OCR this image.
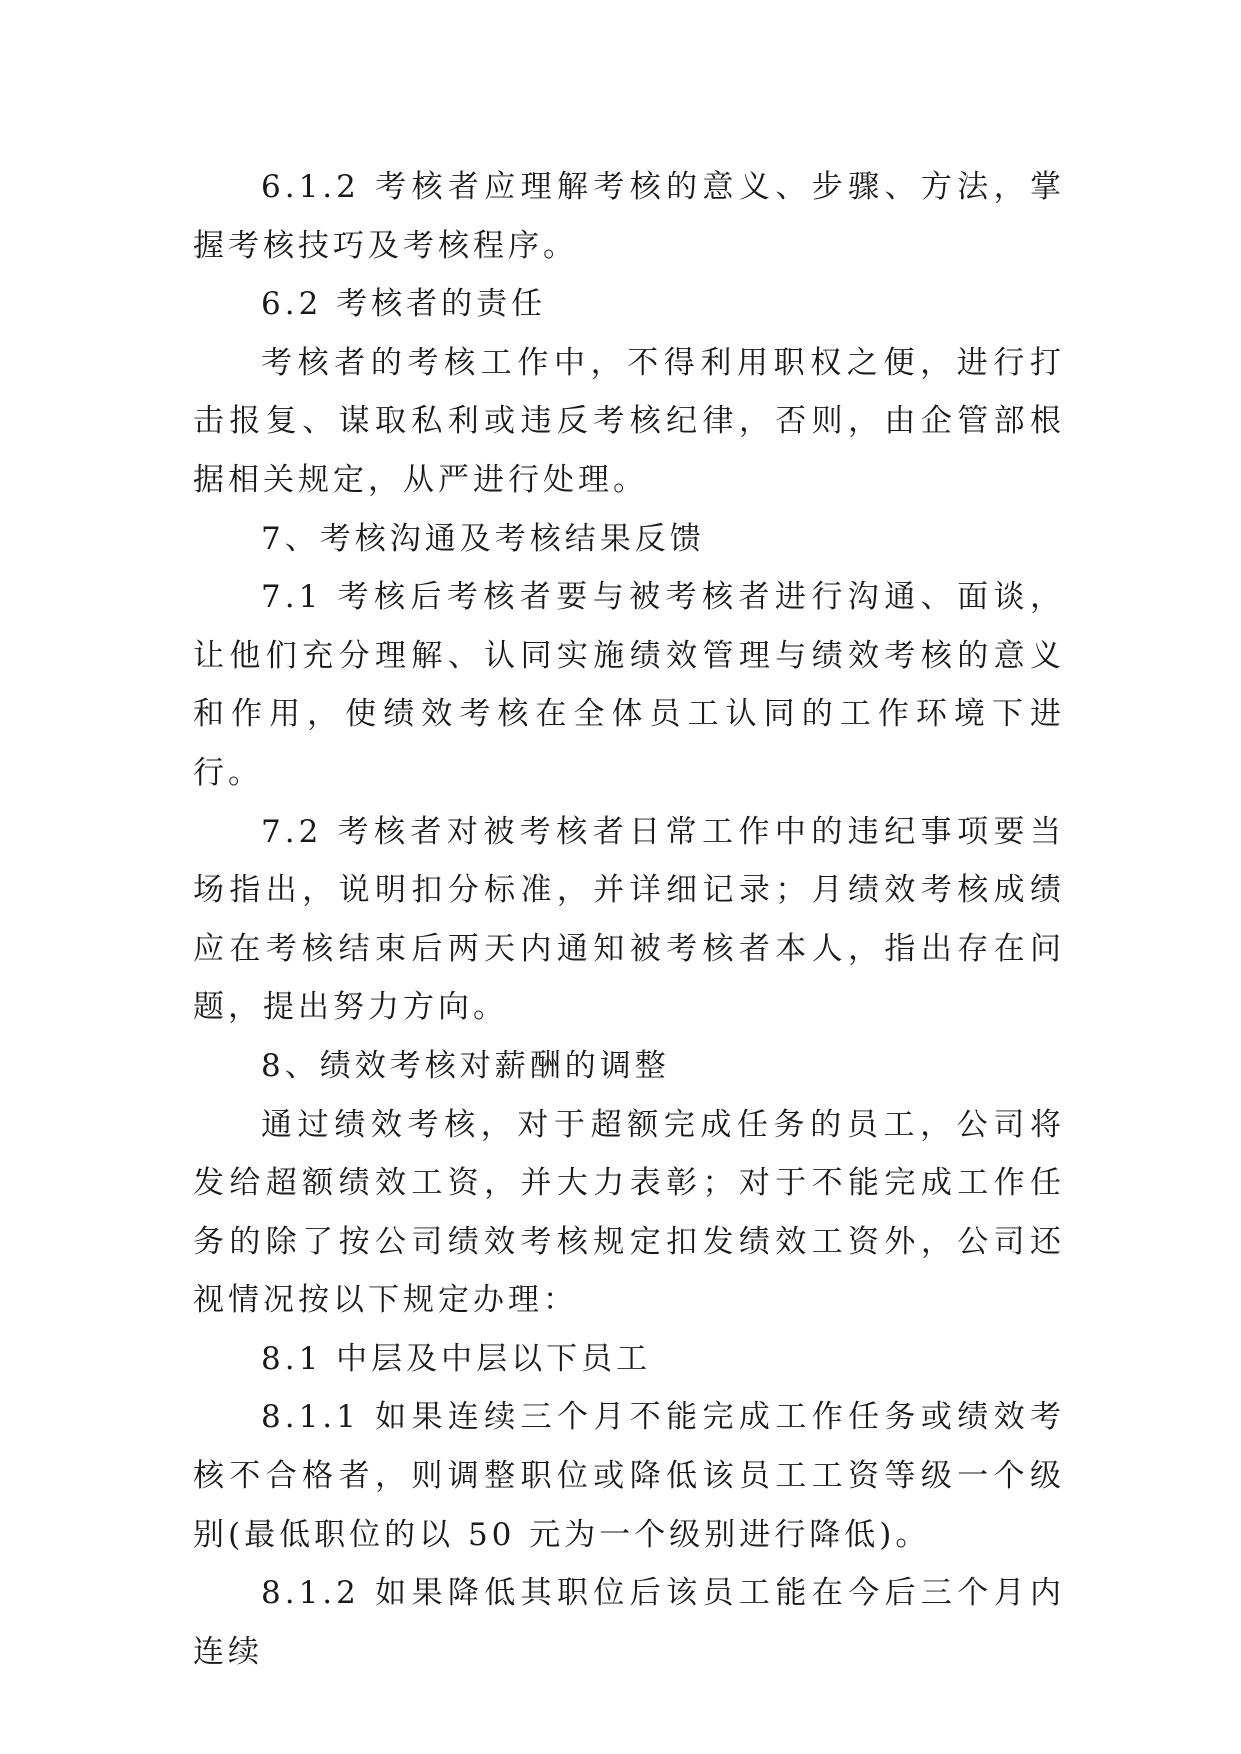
6.1.2 考核者应理解考核的意义、步骤、方法，掌握考核技巧及考核程序。

6.2 考核者的责任

考核者的考核工作中，不得利用职权之便，进行打击报复、谋取私利或违反考核纪律，否则，由企管部根据相关规定，从严进行处理。

7、考核沟通及考核结果反馈

7.1 考核后考核者要与被考核者进行沟通、面谈，让他们充分理解、认同实施绩效管理与绩效考核的意义和作用，使绩效考核在全体员工认同的工作环境下进行。

7.2 考核者对被考核者日常工作中的违纪事项要当场指出，说明扣分标准，并详细记录；月绩效考核成绩应在考核结束后两天内通知被考核者本人，指出存在问题，提出努力方向。

8、绩效考核对薪酬的调整

通过绩效考核，对于超额完成任务的员工，公司将发给超额绩效工资，并大力表彰；对于不能完成工作任务的除了按公司绩效考核规定扣发绩效工资外，公司还视情况按以下规定办理：

8.1 中层及中层以下员工

8.1.1 如果连续三个月不能完成工作任务或绩效考核不合格者，则调整职位或降低该员工工资等级一个级别(最低职位的以 50 元为一个级别进行降低)。

8.1.2 如果降低其职位后该员工能在今后三个月内连续
